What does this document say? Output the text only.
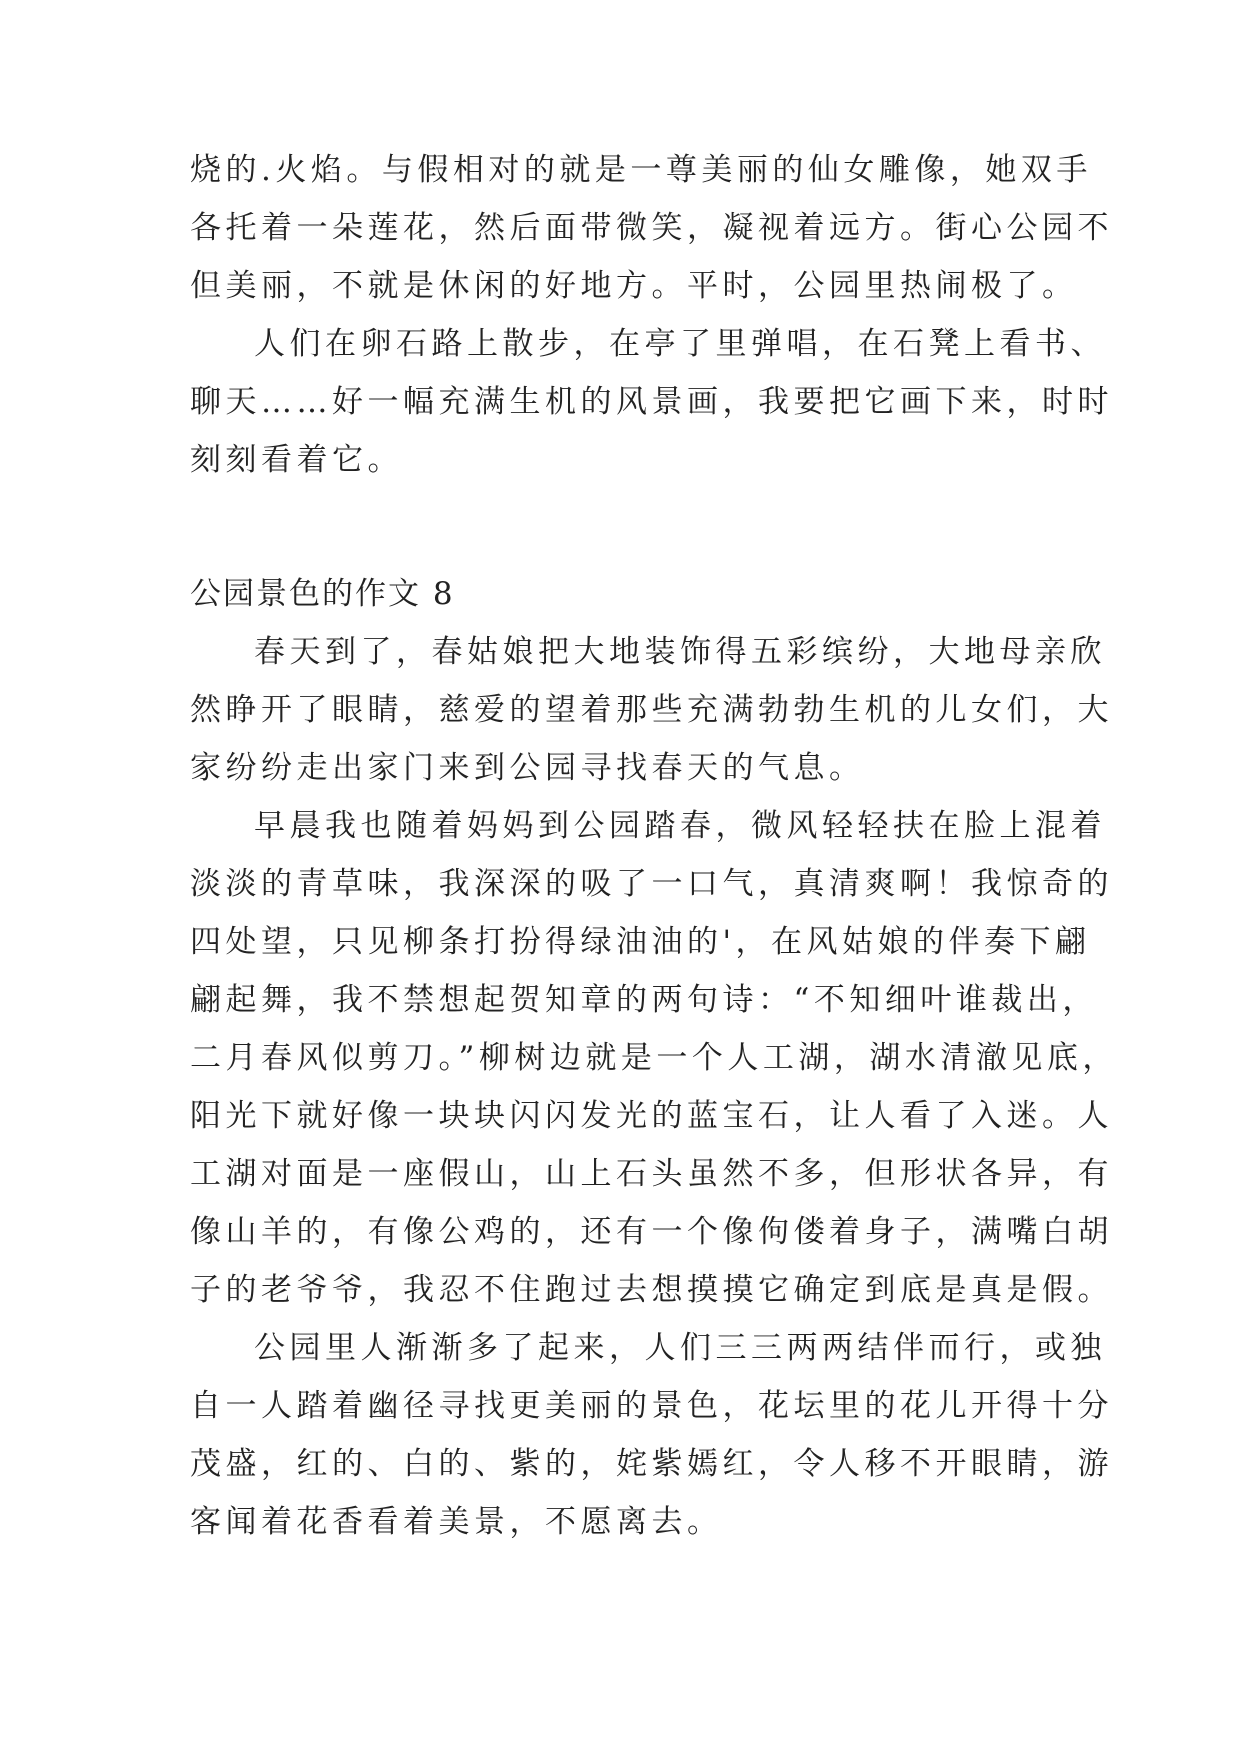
烧的.火焰。与假相对的就是一尊美丽的仙女雕像，她双手
各托着一朵莲花，然后面带微笑，凝视着远方。街心公园不
但美丽，不就是休闲的好地方。平时，公园里热闹极了。
人们在卵石路上散步，在亭了里弹唱，在石凳上看书、
聊天……好一幅充满生机的风景画，我要把它画下来，时时
刻刻看着它。
公园景色的作文 8
春天到了，春姑娘把大地装饰得五彩缤纷，大地母亲欣
然睁开了眼睛，慈爱的望着那些充满勃勃生机的儿女们，大
家纷纷走出家门来到公园寻找春天的气息。
早晨我也随着妈妈到公园踏春，微风轻轻扶在脸上混着
淡淡的青草味，我深深的吸了一口气，真清爽啊！我惊奇的
四处望，只见柳条打扮得绿油油的'，在风姑娘的伴奏下翩
翩起舞，我不禁想起贺知章的两句诗：“不知细叶谁裁出，
二月春风似剪刀。”柳树边就是一个人工湖，湖水清澈见底，
阳光下就好像一块块闪闪发光的蓝宝石，让人看了入迷。人
工湖对面是一座假山，山上石头虽然不多，但形状各异，有
像山羊的，有像公鸡的，还有一个像佝偻着身子，满嘴白胡
子的老爷爷，我忍不住跑过去想摸摸它确定到底是真是假。
公园里人渐渐多了起来，人们三三两两结伴而行，或独
自一人踏着幽径寻找更美丽的景色，花坛里的花儿开得十分
茂盛，红的、白的、紫的，姹紫嫣红，令人移不开眼睛，游
客闻着花香看着美景，不愿离去。
